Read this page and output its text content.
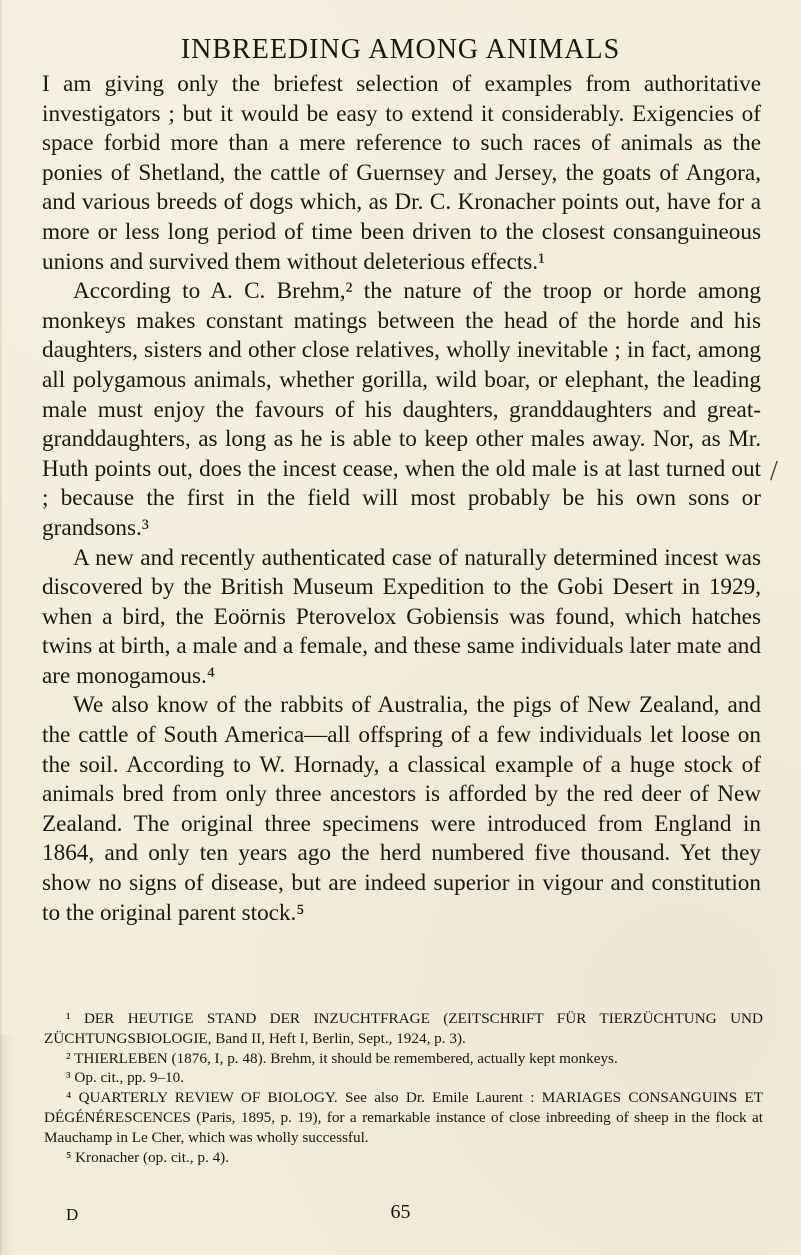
INBREEDING AMONG ANIMALS

I am giving only the briefest selection of examples from authoritative investigators ; but it would be easy to extend it considerably. Exigencies of space forbid more than a mere reference to such races of animals as the ponies of Shetland, the cattle of Guernsey and Jersey, the goats of Angora, and various breeds of dogs which, as Dr. C. Kronacher points out, have for a more or less long period of time been driven to the closest consanguineous unions and survived them without deleterious effects.¹

According to A. C. Brehm,² the nature of the troop or horde among monkeys makes constant matings between the head of the horde and his daughters, sisters and other close relatives, wholly inevitable ; in fact, among all polygamous animals, whether gorilla, wild boar, or elephant, the leading male must enjoy the favours of his daughters, granddaughters and great-granddaughters, as long as he is able to keep other males away. Nor, as Mr. Huth points out, does the incest cease, when the old male is at last turned out ; because the first in the field will most probably be his own sons or grandsons.³

A new and recently authenticated case of naturally determined incest was discovered by the British Museum Expedition to the Gobi Desert in 1929, when a bird, the Eoörnis Pterovelox Gobiensis was found, which hatches twins at birth, a male and a female, and these same individuals later mate and are monogamous.⁴

We also know of the rabbits of Australia, the pigs of New Zealand, and the cattle of South America—all offspring of a few individuals let loose on the soil. According to W. Hornady, a classical example of a huge stock of animals bred from only three ancestors is afforded by the red deer of New Zealand. The original three specimens were introduced from England in 1864, and only ten years ago the herd numbered five thousand. Yet they show no signs of disease, but are indeed superior in vigour and constitution to the original parent stock.⁵

/

¹ DER HEUTIGE STAND DER INZUCHTFRAGE (ZEITSCHRIFT FÜR TIERZÜCHTUNG UND ZÜCHTUNGSBIOLOGIE, Band II, Heft I, Berlin, Sept., 1924, p. 3).

² THIERLEBEN (1876, I, p. 48). Brehm, it should be remembered, actually kept monkeys.

³ Op. cit., pp. 9–10.

⁴ QUARTERLY REVIEW OF BIOLOGY. See also Dr. Emile Laurent : MARIAGES CONSANGUINS ET DÉGÉNÉRESCENCES (Paris, 1895, p. 19), for a remarkable instance of close inbreeding of sheep in the flock at Mauchamp in Le Cher, which was wholly successful.

⁵ Kronacher (op. cit., p. 4).

D	65
